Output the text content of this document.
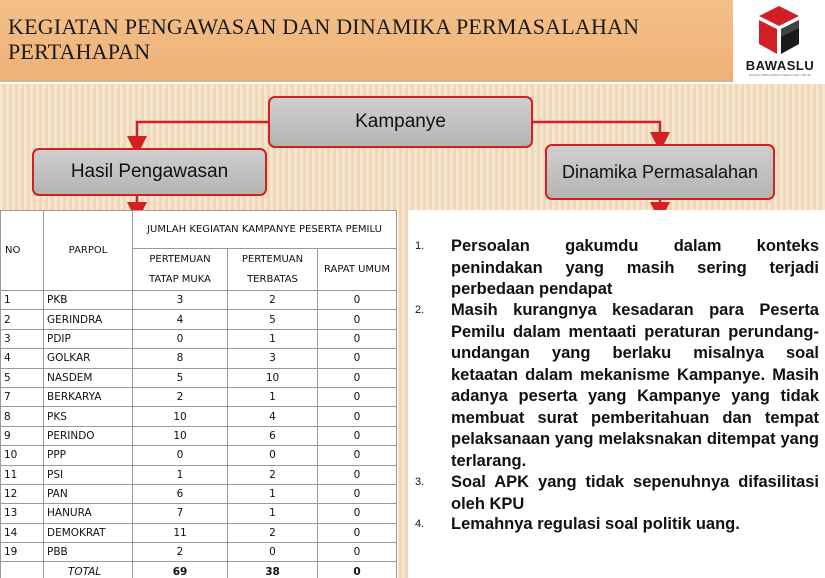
KEGIATAN PENGAWASAN DAN DINAMIKA PERMASALAHAN PERTAHAPAN
BAWASLU
BADAN PENGAWAS PEMILIHAN UMUM
Kampanye
Hasil Pengawasan	Dinamika Permasalahan
NO	PARPOL	JUMLAH KEGIATAN KAMPANYE PESERTA PEMILU		
		PERTEMUAN TATAP MUKA	PERTEMUAN TERBATAS	RAPAT UMUM
1	PKB	3	2	0
2	GERINDRA	4	5	0
3	PDIP	0	1	0
4	GOLKAR	8	3	0
5	NASDEM	5	10	0
7	BERKARYA	2	1	0
8	PKS	10	4	0
9	PERINDO	10	6	0
10	PPP	0	0	0
11	PSI	1	2	0
12	PAN	6	1	0
13	HANURA	7	1	0
14	DEMOKRAT	11	2	0
19	PBB	2	0	0
	TOTAL	69	38	0
1. Persoalan gakumdu dalam konteks penindakan yang masih sering terjadi perbedaan pendapat
2. Masih kurangnya kesadaran para Peserta Pemilu dalam mentaati peraturan perundang-undangan yang berlaku misalnya soal ketaatan dalam mekanisme Kampanye. Masih adanya peserta yang Kampanye yang tidak membuat surat pemberitahuan dan tempat pelaksanaan yang melaksnakan ditempat yang terlarang.
3. Soal APK yang tidak sepenuhnya difasilitasi oleh KPU
4. Lemahnya regulasi soal politik uang.
